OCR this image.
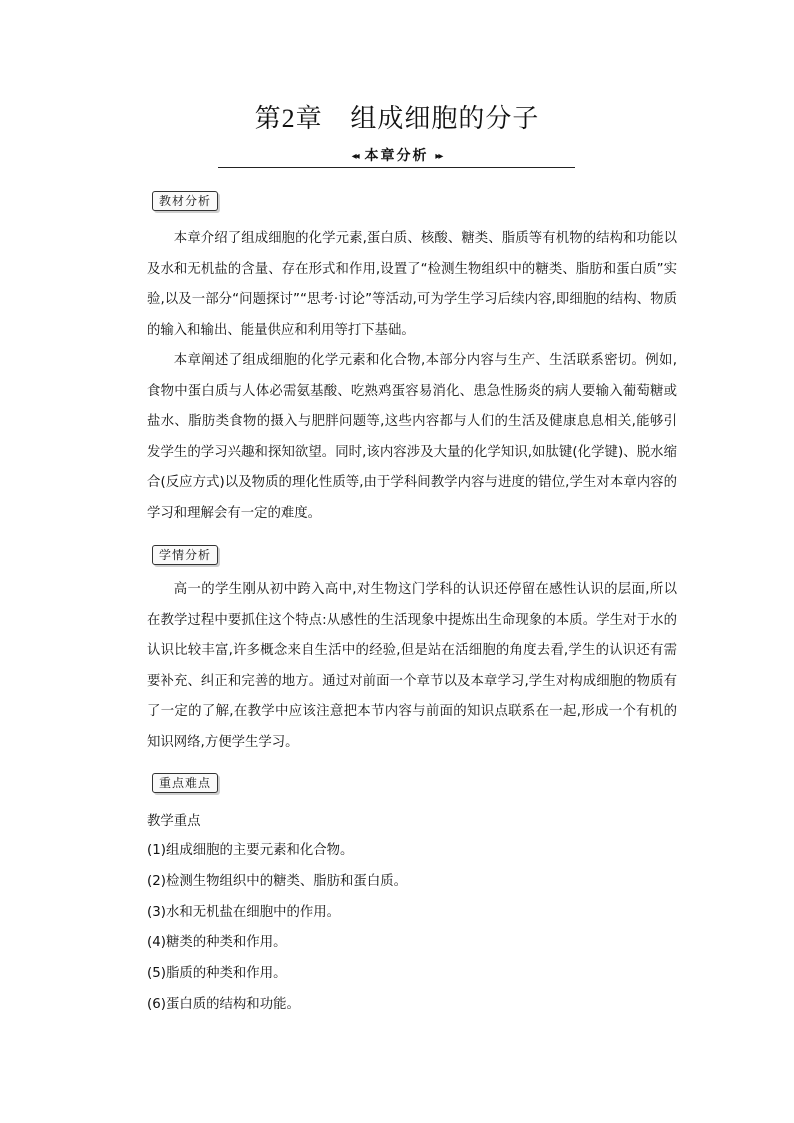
第2章 组成细胞的分子
◂◂ 本章分析 ▸▸
教材分析

本章介绍了组成细胞的化学元素,蛋白质、核酸、糖类、脂质等有机物的结构和功能以及水和无机盐的含量、存在形式和作用,设置了“检测生物组织中的糖类、脂肪和蛋白质”实验,以及一部分“问题探讨”“思考·讨论”等活动,可为学生学习后续内容,即细胞的结构、物质的输入和输出、能量供应和利用等打下基础。

本章阐述了组成细胞的化学元素和化合物,本部分内容与生产、生活联系密切。例如,食物中蛋白质与人体必需氨基酸、吃熟鸡蛋容易消化、患急性肠炎的病人要输入葡萄糖或盐水、脂肪类食物的摄入与肥胖问题等,这些内容都与人们的生活及健康息息相关,能够引发学生的学习兴趣和探知欲望。同时,该内容涉及大量的化学知识,如肽键(化学键)、脱水缩合(反应方式)以及物质的理化性质等,由于学科间教学内容与进度的错位,学生对本章内容的学习和理解会有一定的难度。

学情分析

高一的学生刚从初中跨入高中,对生物这门学科的认识还停留在感性认识的层面,所以在教学过程中要抓住这个特点:从感性的生活现象中提炼出生命现象的本质。学生对于水的认识比较丰富,许多概念来自生活中的经验,但是站在活细胞的角度去看,学生的认识还有需要补充、纠正和完善的地方。通过对前面一个章节以及本章学习,学生对构成细胞的物质有了一定的了解,在教学中应该注意把本节内容与前面的知识点联系在一起,形成一个有机的知识网络,方便学生学习。

重点难点
教学重点
(1)组成细胞的主要元素和化合物。
(2)检测生物组织中的糖类、脂肪和蛋白质。
(3)水和无机盐在细胞中的作用。
(4)糖类的种类和作用。
(5)脂质的种类和作用。
(6)蛋白质的结构和功能。
